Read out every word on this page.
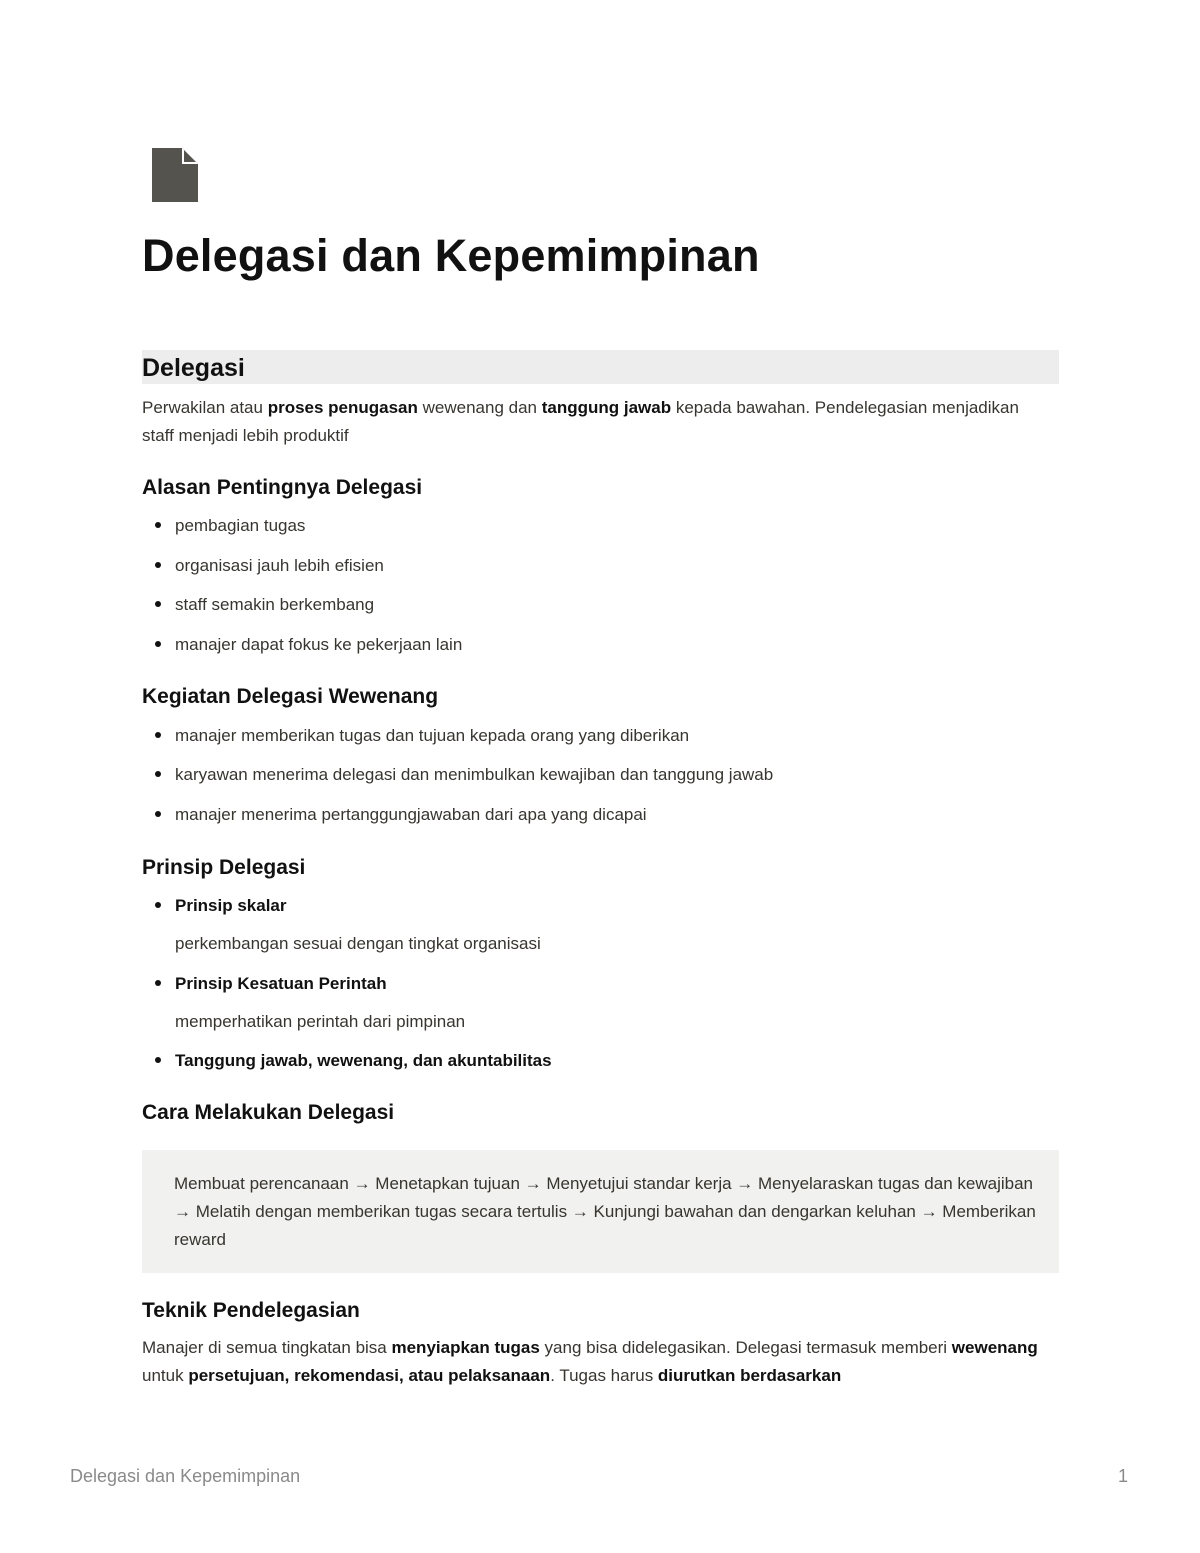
Delegasi dan Kepemimpinan
Delegasi

Perwakilan atau proses penugasan wewenang dan tanggung jawab kepada bawahan. Pendelegasian menjadikan staff menjadi lebih produktif

Alasan Pentingnya Delegasi

pembagian tugas

organisasi jauh lebih efisien

staff semakin berkembang

manajer dapat fokus ke pekerjaan lain

Kegiatan Delegasi Wewenang

manajer memberikan tugas dan tujuan kepada orang yang diberikan

karyawan menerima delegasi dan menimbulkan kewajiban dan tanggung jawab

manajer menerima pertanggungjawaban dari apa yang dicapai

Prinsip Delegasi

Prinsip skalar

perkembangan sesuai dengan tingkat organisasi

Prinsip Kesatuan Perintah

memperhatikan perintah dari pimpinan

Tanggung jawab, wewenang, dan akuntabilitas

Cara Melakukan Delegasi
Membuat perencanaan → Menetapkan tujuan → Menyetujui standar kerja → Menyelaraskan tugas dan kewajiban → Melatih dengan memberikan tugas secara tertulis → Kunjungi bawahan dan dengarkan keluhan → Memberikan reward
Teknik Pendelegasian

Manajer di semua tingkatan bisa menyiapkan tugas yang bisa didelegasikan. Delegasi termasuk memberi wewenang untuk persetujuan, rekomendasi, atau pelaksanaan. Tugas harus diurutkan berdasarkan

Delegasi dan Kepemimpinan	1
